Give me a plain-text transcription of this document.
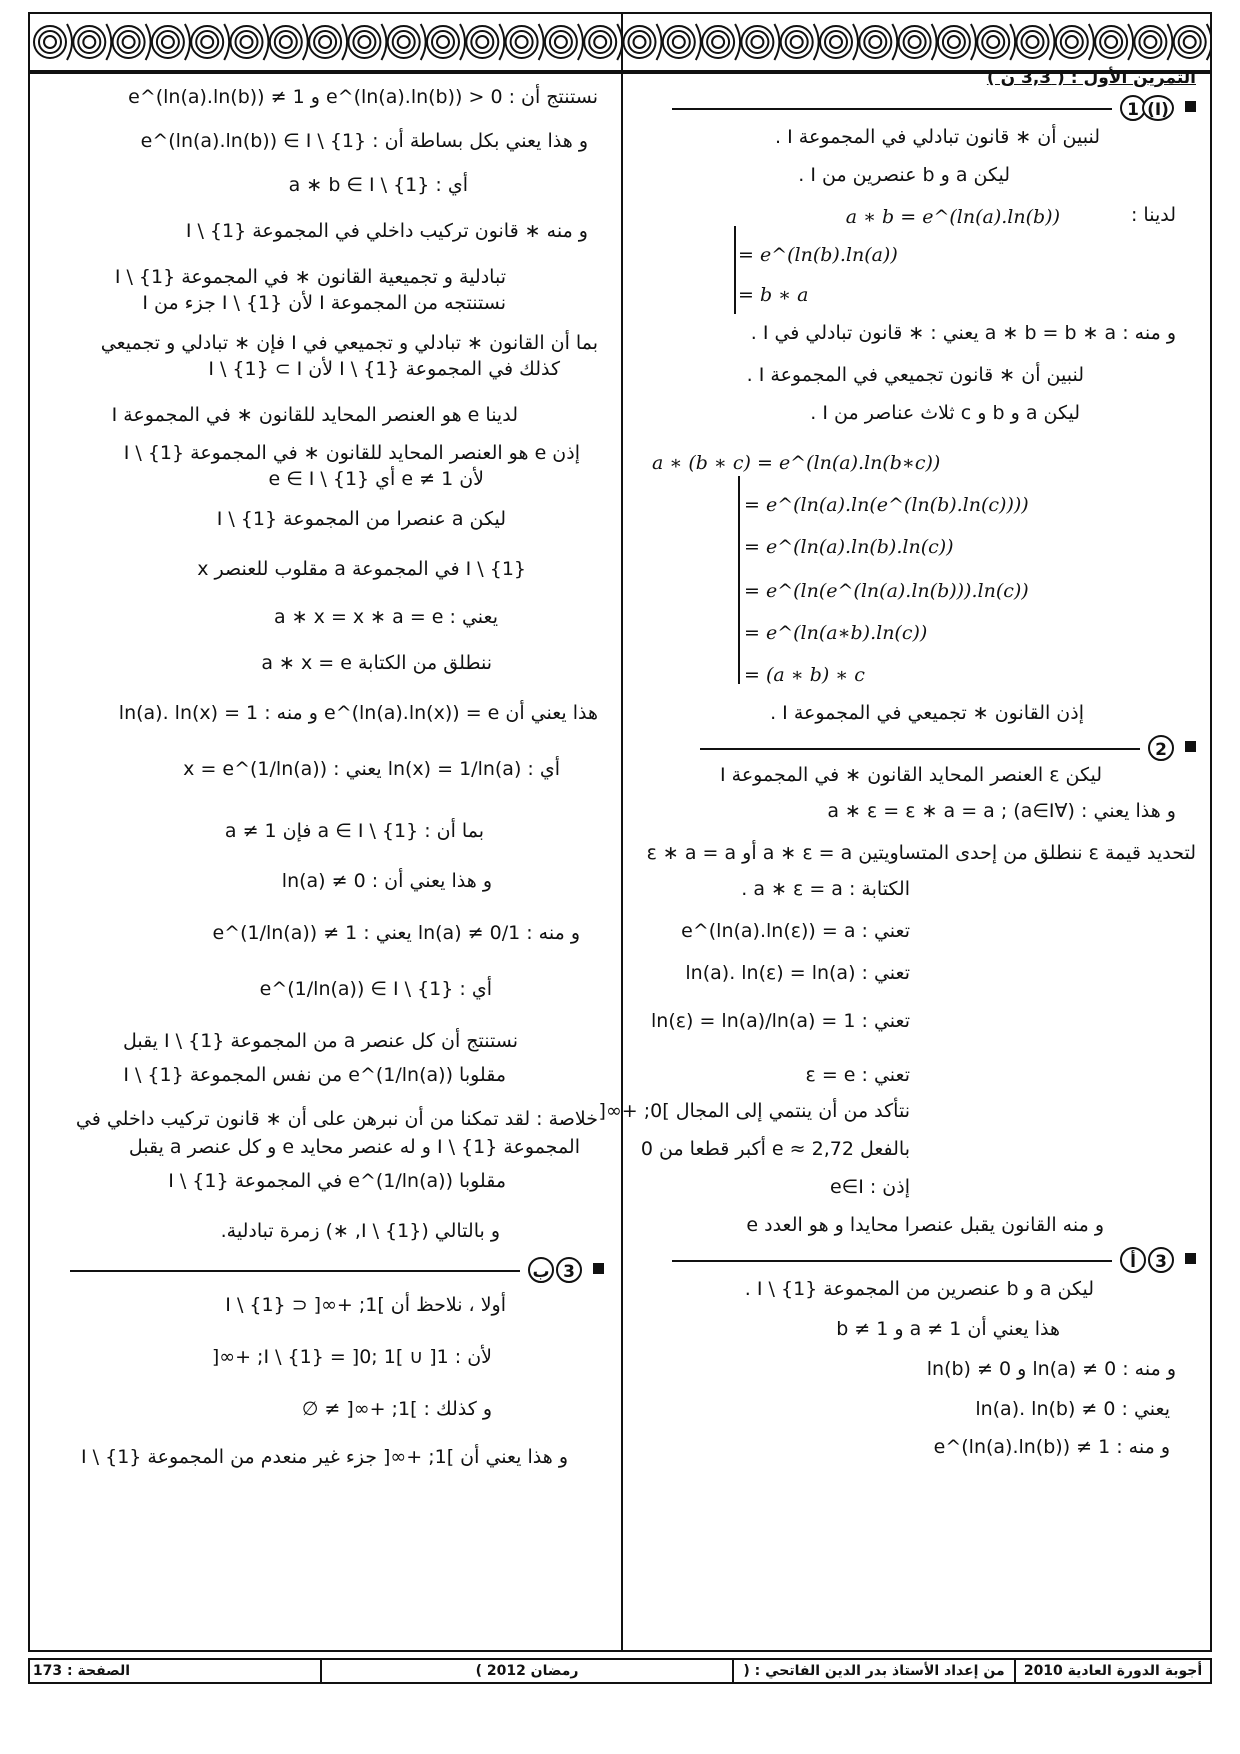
التمرين الأول : ( 3,3 ن )
1 (I)
لنبين أن ∗ قانون تبادلي في المجموعة I .
ليكن a و b عنصرين من I .
a ∗ b = e^(ln(a).ln(b))	لدينا :
= e^(ln(b).ln(a))
= b ∗ a
و منه : a ∗ b = b ∗ a يعني : ∗ قانون تبادلي في I .
لنبين أن ∗ قانون تجميعي في المجموعة I .
ليكن a و b و c ثلاث عناصر من I .
a ∗ (b ∗ c) = e^(ln(a).ln(b∗c))
= e^(ln(a).ln(e^(ln(b).ln(c))))
= e^(ln(a).ln(b).ln(c))
= e^(ln(e^(ln(a).ln(b))).ln(c))
= e^(ln(a∗b).ln(c))
= (a ∗ b) ∗ c
إذن القانون ∗ تجميعي في المجموعة I .
2
ليكن ε العنصر المحايد القانون ∗ في المجموعة I
و هذا يعني : (∀a∈I) ; a ∗ ε = ε ∗ a = a
لتحديد قيمة ε ننطلق من إحدى المتساويتين a ∗ ε = a أو ε ∗ a = a
الكتابة : a ∗ ε = a .
تعني : e^(ln(a).ln(ε)) = a
تعني : ln(a). ln(ε) = ln(a)
تعني : ln(ε) = ln(a)/ln(a) = 1
تعني : ε = e
نتأكد من أن ينتمي إلى المجال ]0; +∞[
بالفعل e ≈ 2,72 أكبر قطعا من 0
إذن : e∈I
و منه القانون يقبل عنصرا محايدا و هو العدد e
أ	3
ليكن a و b عنصرين من المجموعة I \ {1} .
هذا يعني أن a ≠ 1 و b ≠ 1
و منه : ln(a) ≠ 0 و ln(b) ≠ 0
يعني : ln(a). ln(b) ≠ 0
و منه : e^(ln(a).ln(b)) ≠ 1
نستنتج أن : e^(ln(a).ln(b)) > 0 و 1 ≠ e^(ln(a).ln(b))
و هذا يعني بكل بساطة أن : e^(ln(a).ln(b)) ∈ I \ {1}
أي : a ∗ b ∈ I \ {1}
و منه ∗ قانون تركيب داخلي في المجموعة I \ {1}
تبادلية و تجميعية القانون ∗ في المجموعة I \ {1}
نستنتجه من المجموعة I لأن I \ {1} جزء من I
بما أن القانون ∗ تبادلي و تجميعي في I فإن ∗ تبادلي و تجميعي
كذلك في المجموعة I \ {1} لأن I \ {1} ⊂ I
لدينا e هو العنصر المحايد للقانون ∗ في المجموعة I
إذن e هو العنصر المحايد للقانون ∗ في المجموعة I \ {1}
لأن e ≠ 1 أي e ∈ I \ {1}
ليكن a عنصرا من المجموعة I \ {1}
x مقلوب للعنصر a في المجموعة I \ {1}
يعني : a ∗ x = x ∗ a = e
ننطلق من الكتابة a ∗ x = e
هذا يعني أن e^(ln(a).ln(x)) = e و منه : ln(a). ln(x) = 1
أي : ln(x) = 1/ln(a) يعني : x = e^(1/ln(a))
بما أن : a ∈ I \ {1} فإن a ≠ 1
و هذا يعني أن : ln(a) ≠ 0
و منه : 1/ln(a) ≠ 0 يعني : e^(1/ln(a)) ≠ 1
أي : e^(1/ln(a)) ∈ I \ {1}
نستنتج أن كل عنصر a من المجموعة I \ {1} يقبل
مقلوبا e^(1/ln(a)) من نفس المجموعة I \ {1}
خلاصة : لقد تمكنا من أن نبرهن على أن ∗ قانون تركيب داخلي في
المجموعة I \ {1} و له عنصر محايد e و كل عنصر a يقبل
مقلوبا e^(1/ln(a)) في المجموعة I \ {1}
و بالتالي (I \ {1}, ∗) زمرة تبادلية.
ب 3
أولا ، نلاحظ أن ]1; +∞[ ⊂ I \ {1}
لأن : I \ {1} = ]0; 1[ ∪ ]1; +∞[
و كذلك : ]1; +∞[ ≠ ∅
و هذا يعني أن ]1; +∞[ جزء غير منعدم من المجموعة I \ {1}
أجوبة الدورة العادية 2010
من إعداد الأستاذ بدر الدين الفاتحي : (
رمضان 2012 )
الصفحة : 173
